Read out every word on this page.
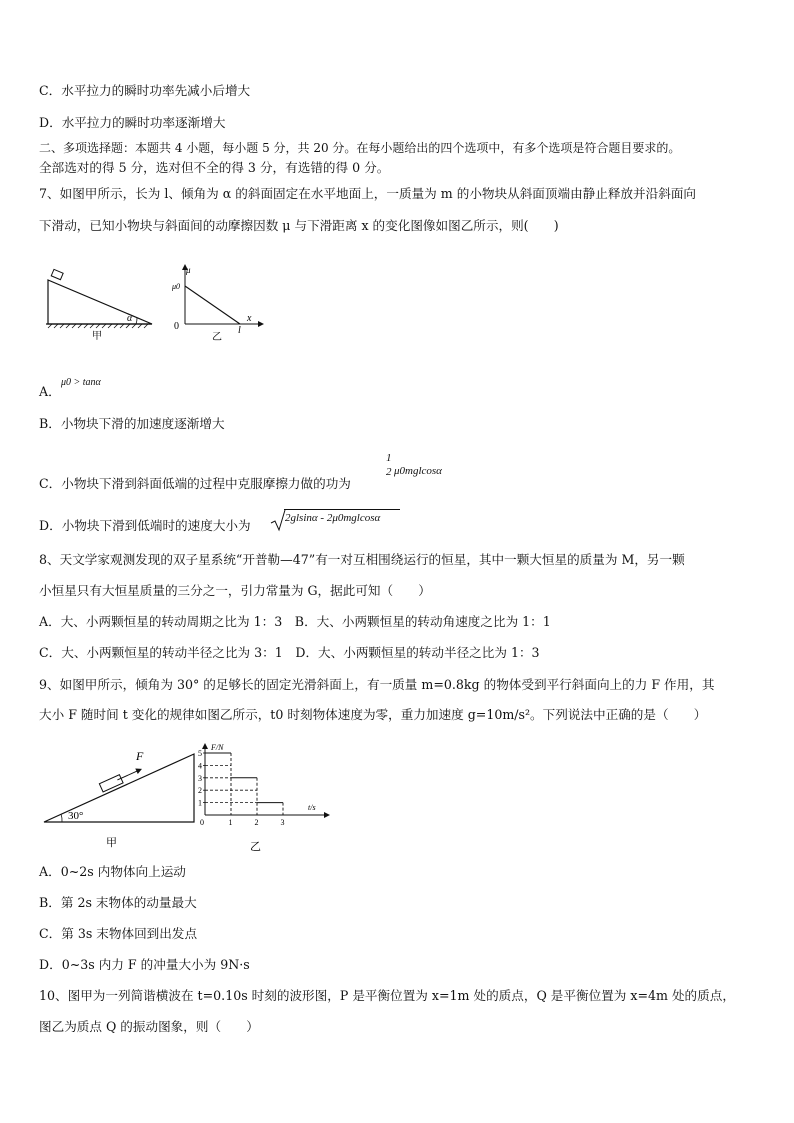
C．水平拉力的瞬时功率先减小后增大
D．水平拉力的瞬时功率逐渐增大
二、多项选择题：本题共 4 小题，每小题 5 分，共 20 分。在每小题给出的四个选项中，有多个选项是符合题目要求的。
全部选对的得 5 分，选对但不全的得 3 分，有选错的得 0 分。
7、如图甲所示，长为 l、倾角为 α 的斜面固定在水平地面上，一质量为 m 的小物块从斜面顶端由静止释放并沿斜面向
下滑动，已知小物块与斜面间的动摩擦因数 μ 与下滑距离 x 的变化图像如图乙所示，则(　　)
α
甲
μ
μ0
0
x
l
乙
A．
μ0 > tanα
B．小物块下滑的加速度逐渐增大
C．小物块下滑到斜面低端的过程中克服摩擦力做的功为
1
2 μ0mglcosα
D．小物块下滑到低端时的速度大小为	2glsinα - 2μ0mglcosα
8、天文学家观测发现的双子星系统“开普勒—47”有一对互相围绕运行的恒星，其中一颗大恒星的质量为 M，另一颗
小恒星只有大恒星质量的三分之一，引力常量为 G，据此可知（　　）
A．大、小两颗恒星的转动周期之比为 1：3　B．大、小两颗恒星的转动角速度之比为 1：1
C．大、小两颗恒星的转动半径之比为 3：1　D．大、小两颗恒星的转动半径之比为 1：3
9、如图甲所示，倾角为 30° 的足够长的固定光滑斜面上，有一质量 m=0.8kg 的物体受到平行斜面向上的力 F 作用，其
大小 F 随时间 t 变化的规律如图乙所示，t0 时刻物体速度为零，重力加速度 g=10m/s²。下列说法中正确的是（　　）
F
30°
甲
F/N
t/s
5
4
3
2
1
0	1	2	3
乙
A．0~2s 内物体向上运动
B．第 2s 末物体的动量最大
C．第 3s 末物体回到出发点
D．0~3s 内力 F 的冲量大小为 9N·s
10、图甲为一列简谐横波在 t=0.10s 时刻的波形图，P 是平衡位置为 x=1m 处的质点，Q 是平衡位置为 x=4m 处的质点，
图乙为质点 Q 的振动图象，则（　　）
